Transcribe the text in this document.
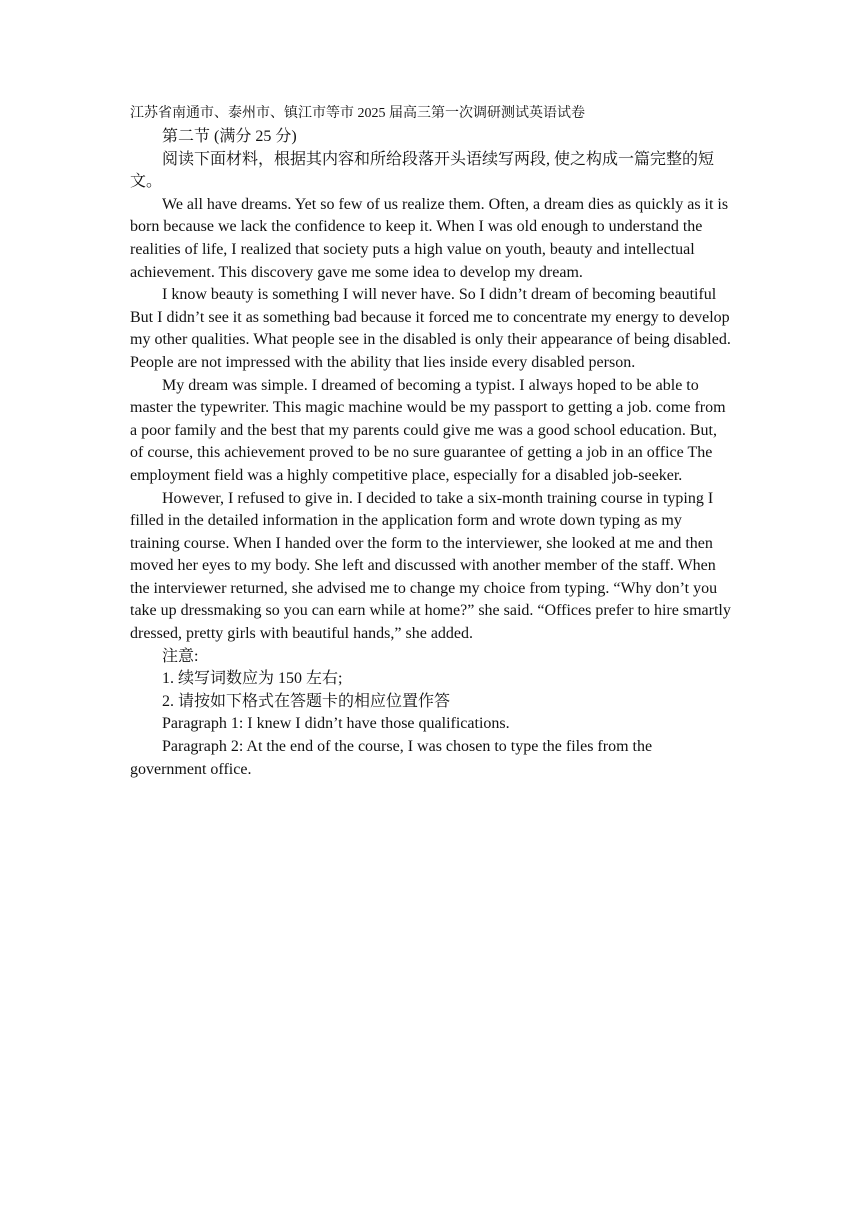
江苏省南通市、泰州市、镇江市等市 2025 届高三第一次调研测试英语试卷

第二节 (满分 25 分)

阅读下面材料，根据其内容和所给段落开头语续写两段, 使之构成一篇完整的短文。

We all have dreams. Yet so few of us realize them. Often, a dream dies as quickly as it is born because we lack the confidence to keep it. When I was old enough to understand the realities of life, I realized that society puts a high value on youth, beauty and intellectual achievement. This discovery gave me some idea to develop my dream.

I know beauty is something I will never have. So I didn’t dream of becoming beautiful But I didn’t see it as something bad because it forced me to concentrate my energy to develop my other qualities. What people see in the disabled is only their appearance of being disabled. People are not impressed with the ability that lies inside every disabled person.

My dream was simple. I dreamed of becoming a typist. I always hoped to be able to master the typewriter. This magic machine would be my passport to getting a job. come from a poor family and the best that my parents could give me was a good school education. But, of course, this achievement proved to be no sure guarantee of getting a job in an office The employment field was a highly competitive place, especially for a disabled job-seeker.

However, I refused to give in. I decided to take a six-month training course in typing I filled in the detailed information in the application form and wrote down typing as my training course. When I handed over the form to the interviewer, she looked at me and then moved her eyes to my body. She left and discussed with another member of the staff. When the interviewer returned, she advised me to change my choice from typing. “Why don’t you take up dressmaking so you can earn while at home?” she said. “Offices prefer to hire smartly dressed, pretty girls with beautiful hands,” she added.

注意:

1. 续写词数应为 150 左右;

2. 请按如下格式在答题卡的相应位置作答

Paragraph 1: I knew I didn’t have those qualifications.

Paragraph 2: At the end of the course, I was chosen to type the files from the government office.
